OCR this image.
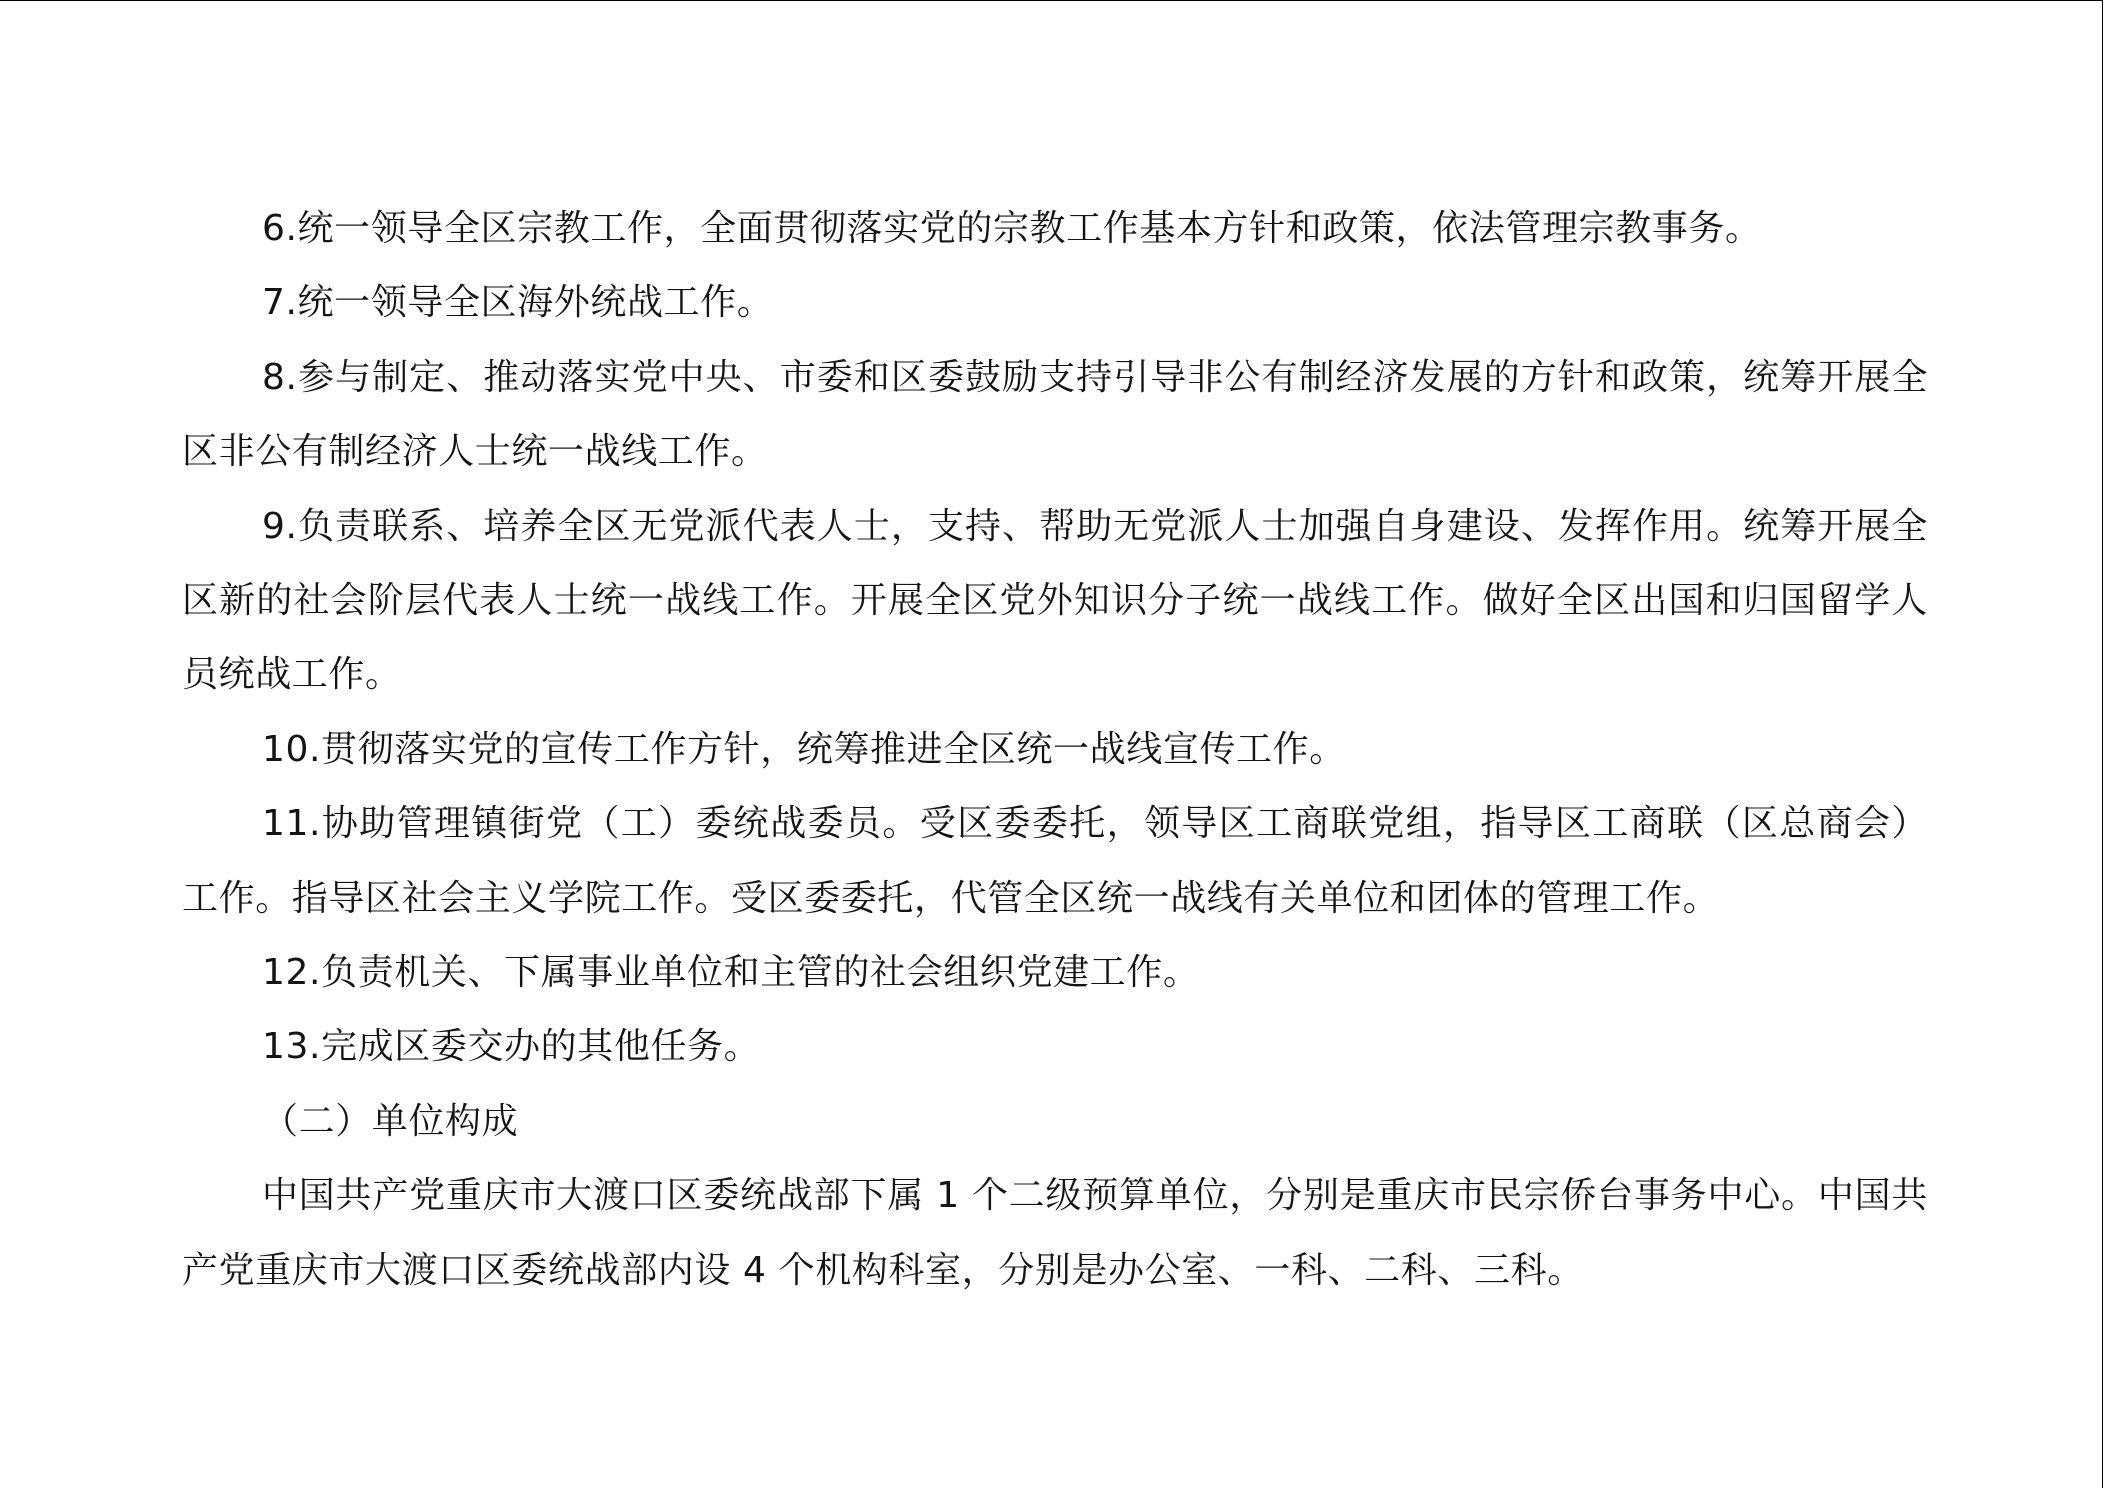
6.统一领导全区宗教工作，全面贯彻落实党的宗教工作基本方针和政策，依法管理宗教事务。

7.统一领导全区海外统战工作。

8.参与制定、推动落实党中央、市委和区委鼓励支持引导非公有制经济发展的方针和政策，统筹开展全区非公有制经济人士统一战线工作。

9.负责联系、培养全区无党派代表人士，支持、帮助无党派人士加强自身建设、发挥作用。统筹开展全区新的社会阶层代表人士统一战线工作。开展全区党外知识分子统一战线工作。做好全区出国和归国留学人员统战工作。

10.贯彻落实党的宣传工作方针，统筹推进全区统一战线宣传工作。

11.协助管理镇街党（工）委统战委员。受区委委托，领导区工商联党组，指导区工商联（区总商会）工作。指导区社会主义学院工作。受区委委托，代管全区统一战线有关单位和团体的管理工作。

12.负责机关、下属事业单位和主管的社会组织党建工作。

13.完成区委交办的其他任务。

（二）单位构成

中国共产党重庆市大渡口区委统战部下属 1 个二级预算单位，分别是重庆市民宗侨台事务中心。中国共产党重庆市大渡口区委统战部内设 4 个机构科室，分别是办公室、一科、二科、三科。
